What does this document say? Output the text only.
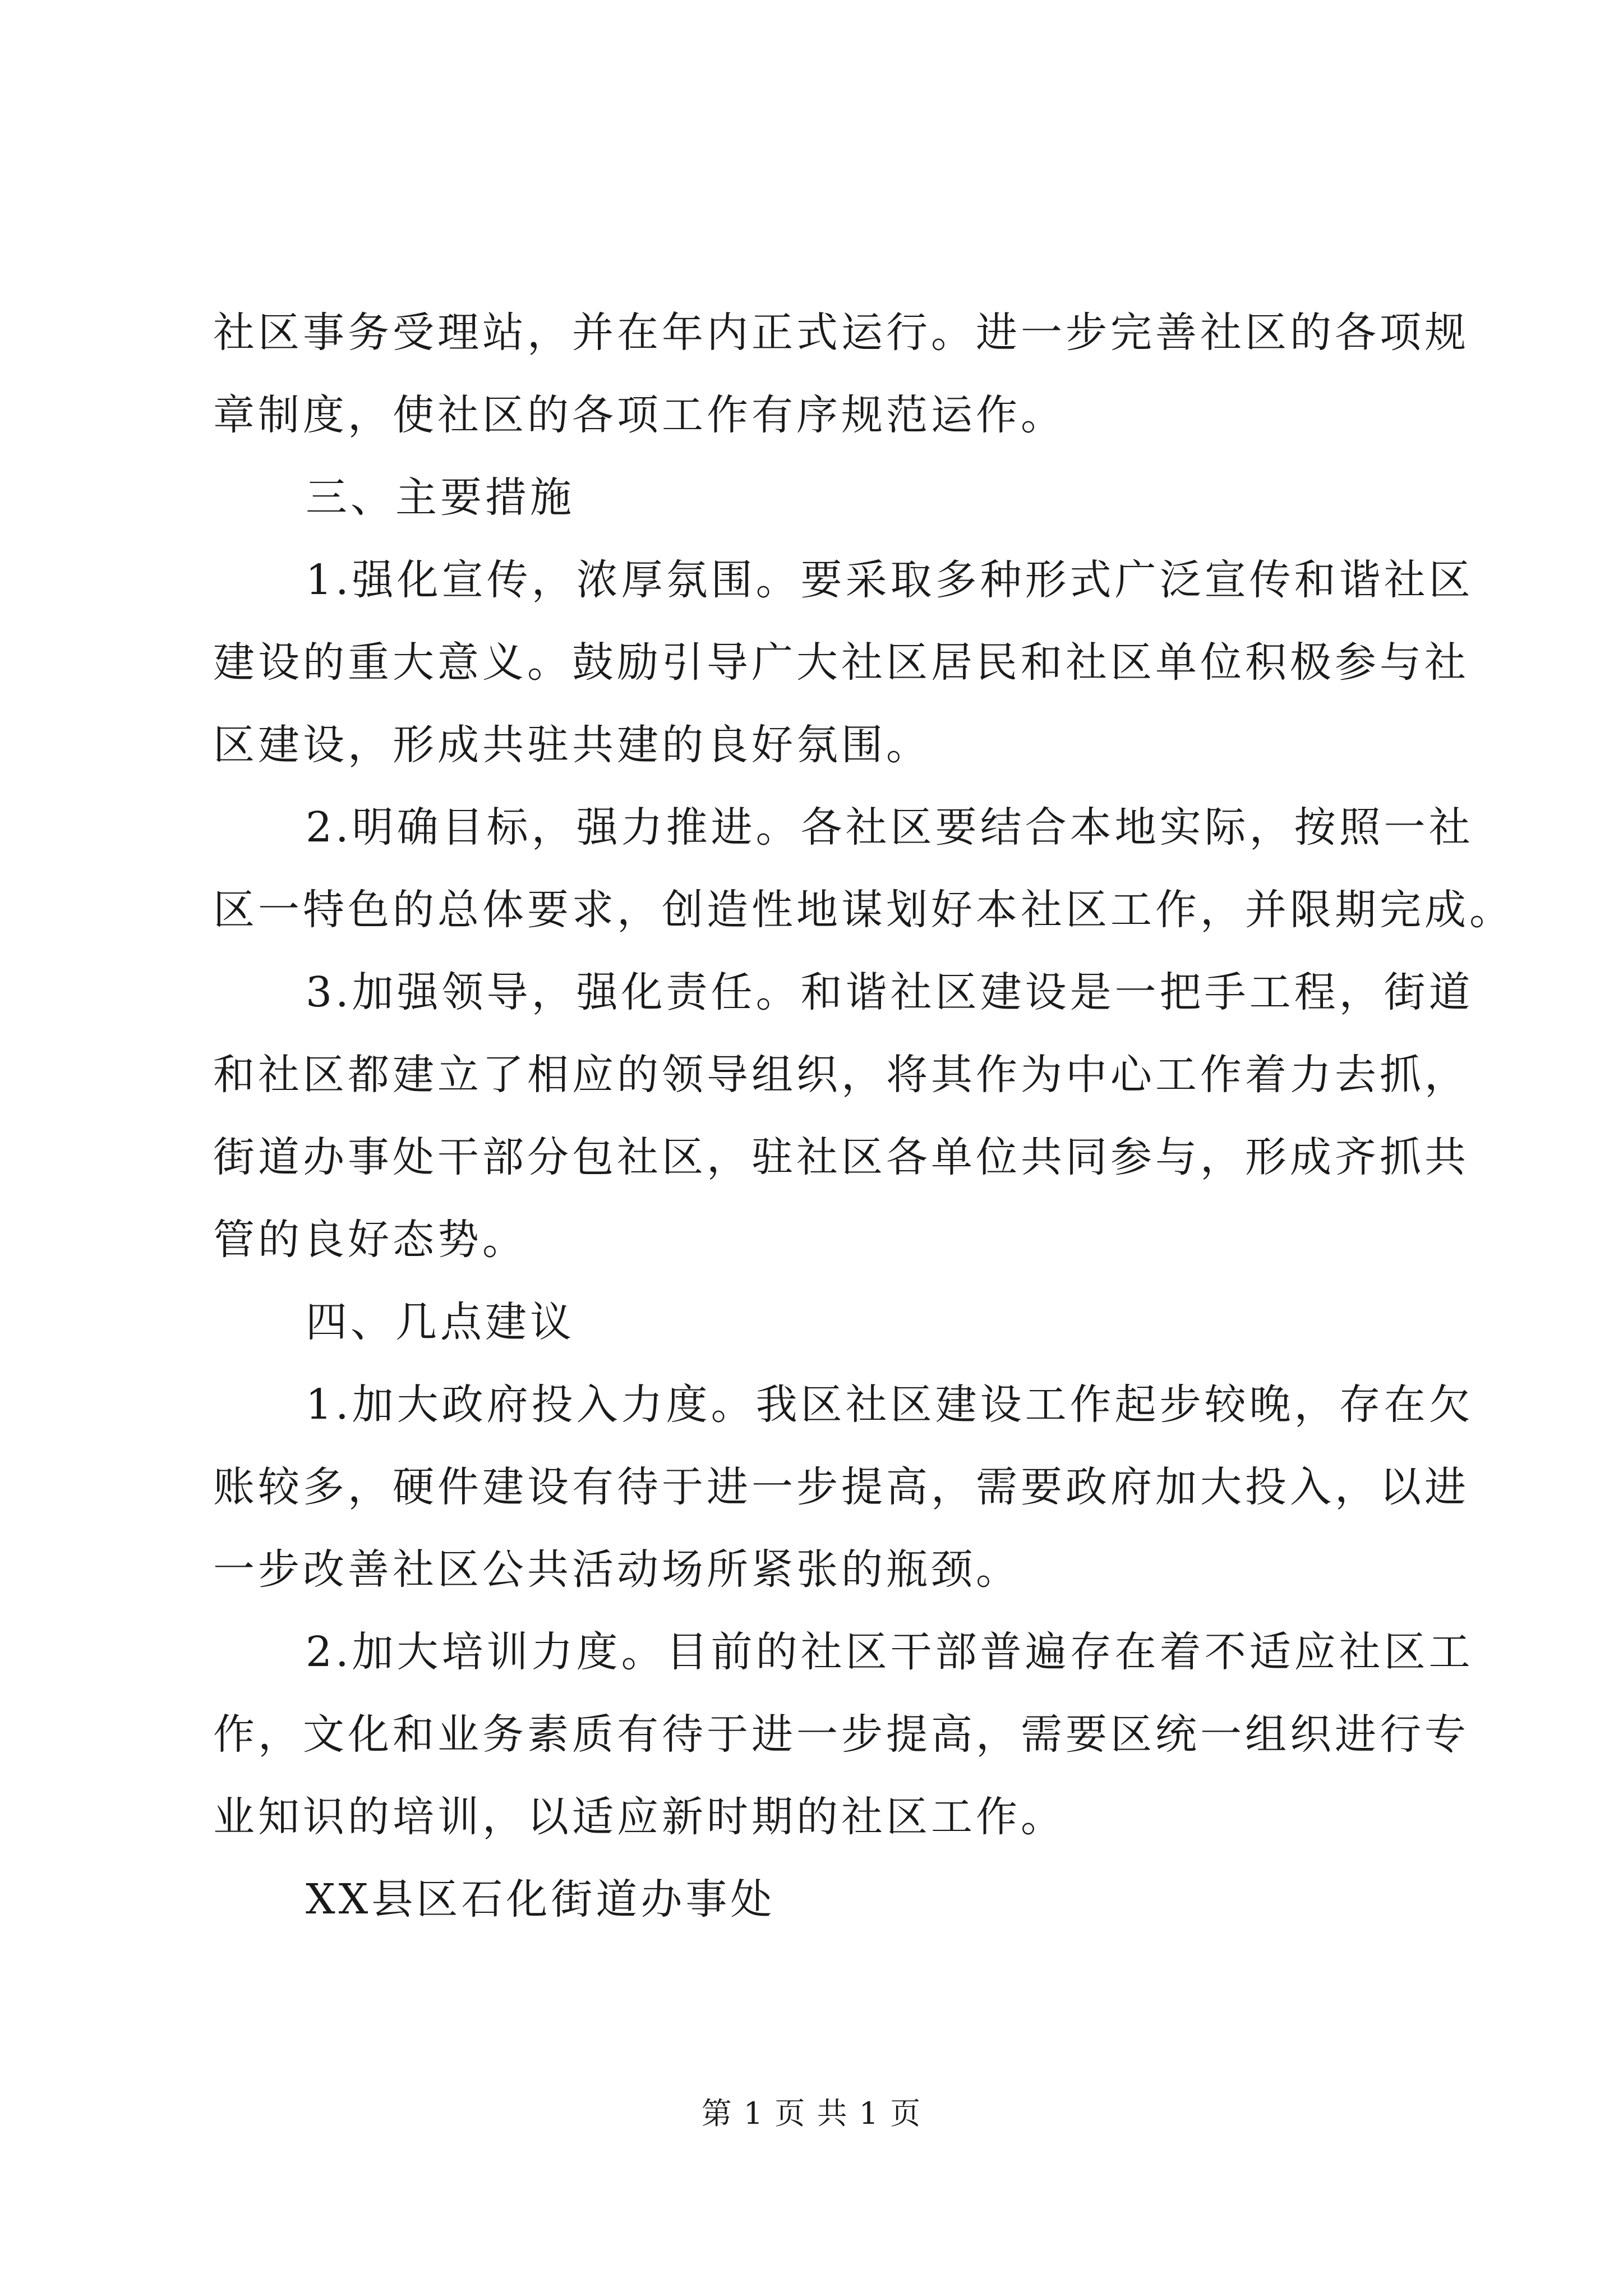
社区事务受理站，并在年内正式运行。进一步完善社区的各项规
章制度，使社区的各项工作有序规范运作。
三、主要措施
1.强化宣传，浓厚氛围。要采取多种形式广泛宣传和谐社区
建设的重大意义。鼓励引导广大社区居民和社区单位积极参与社
区建设，形成共驻共建的良好氛围。
2.明确目标，强力推进。各社区要结合本地实际，按照一社
区一特色的总体要求，创造性地谋划好本社区工作，并限期完成。
3.加强领导，强化责任。和谐社区建设是一把手工程，街道
和社区都建立了相应的领导组织，将其作为中心工作着力去抓，
街道办事处干部分包社区，驻社区各单位共同参与，形成齐抓共
管的良好态势。
四、几点建议
1.加大政府投入力度。我区社区建设工作起步较晚，存在欠
账较多，硬件建设有待于进一步提高，需要政府加大投入，以进
一步改善社区公共活动场所紧张的瓶颈。
2.加大培训力度。目前的社区干部普遍存在着不适应社区工
作，文化和业务素质有待于进一步提高，需要区统一组织进行专
业知识的培训，以适应新时期的社区工作。
XX县区石化街道办事处
第 1 页 共 1 页
